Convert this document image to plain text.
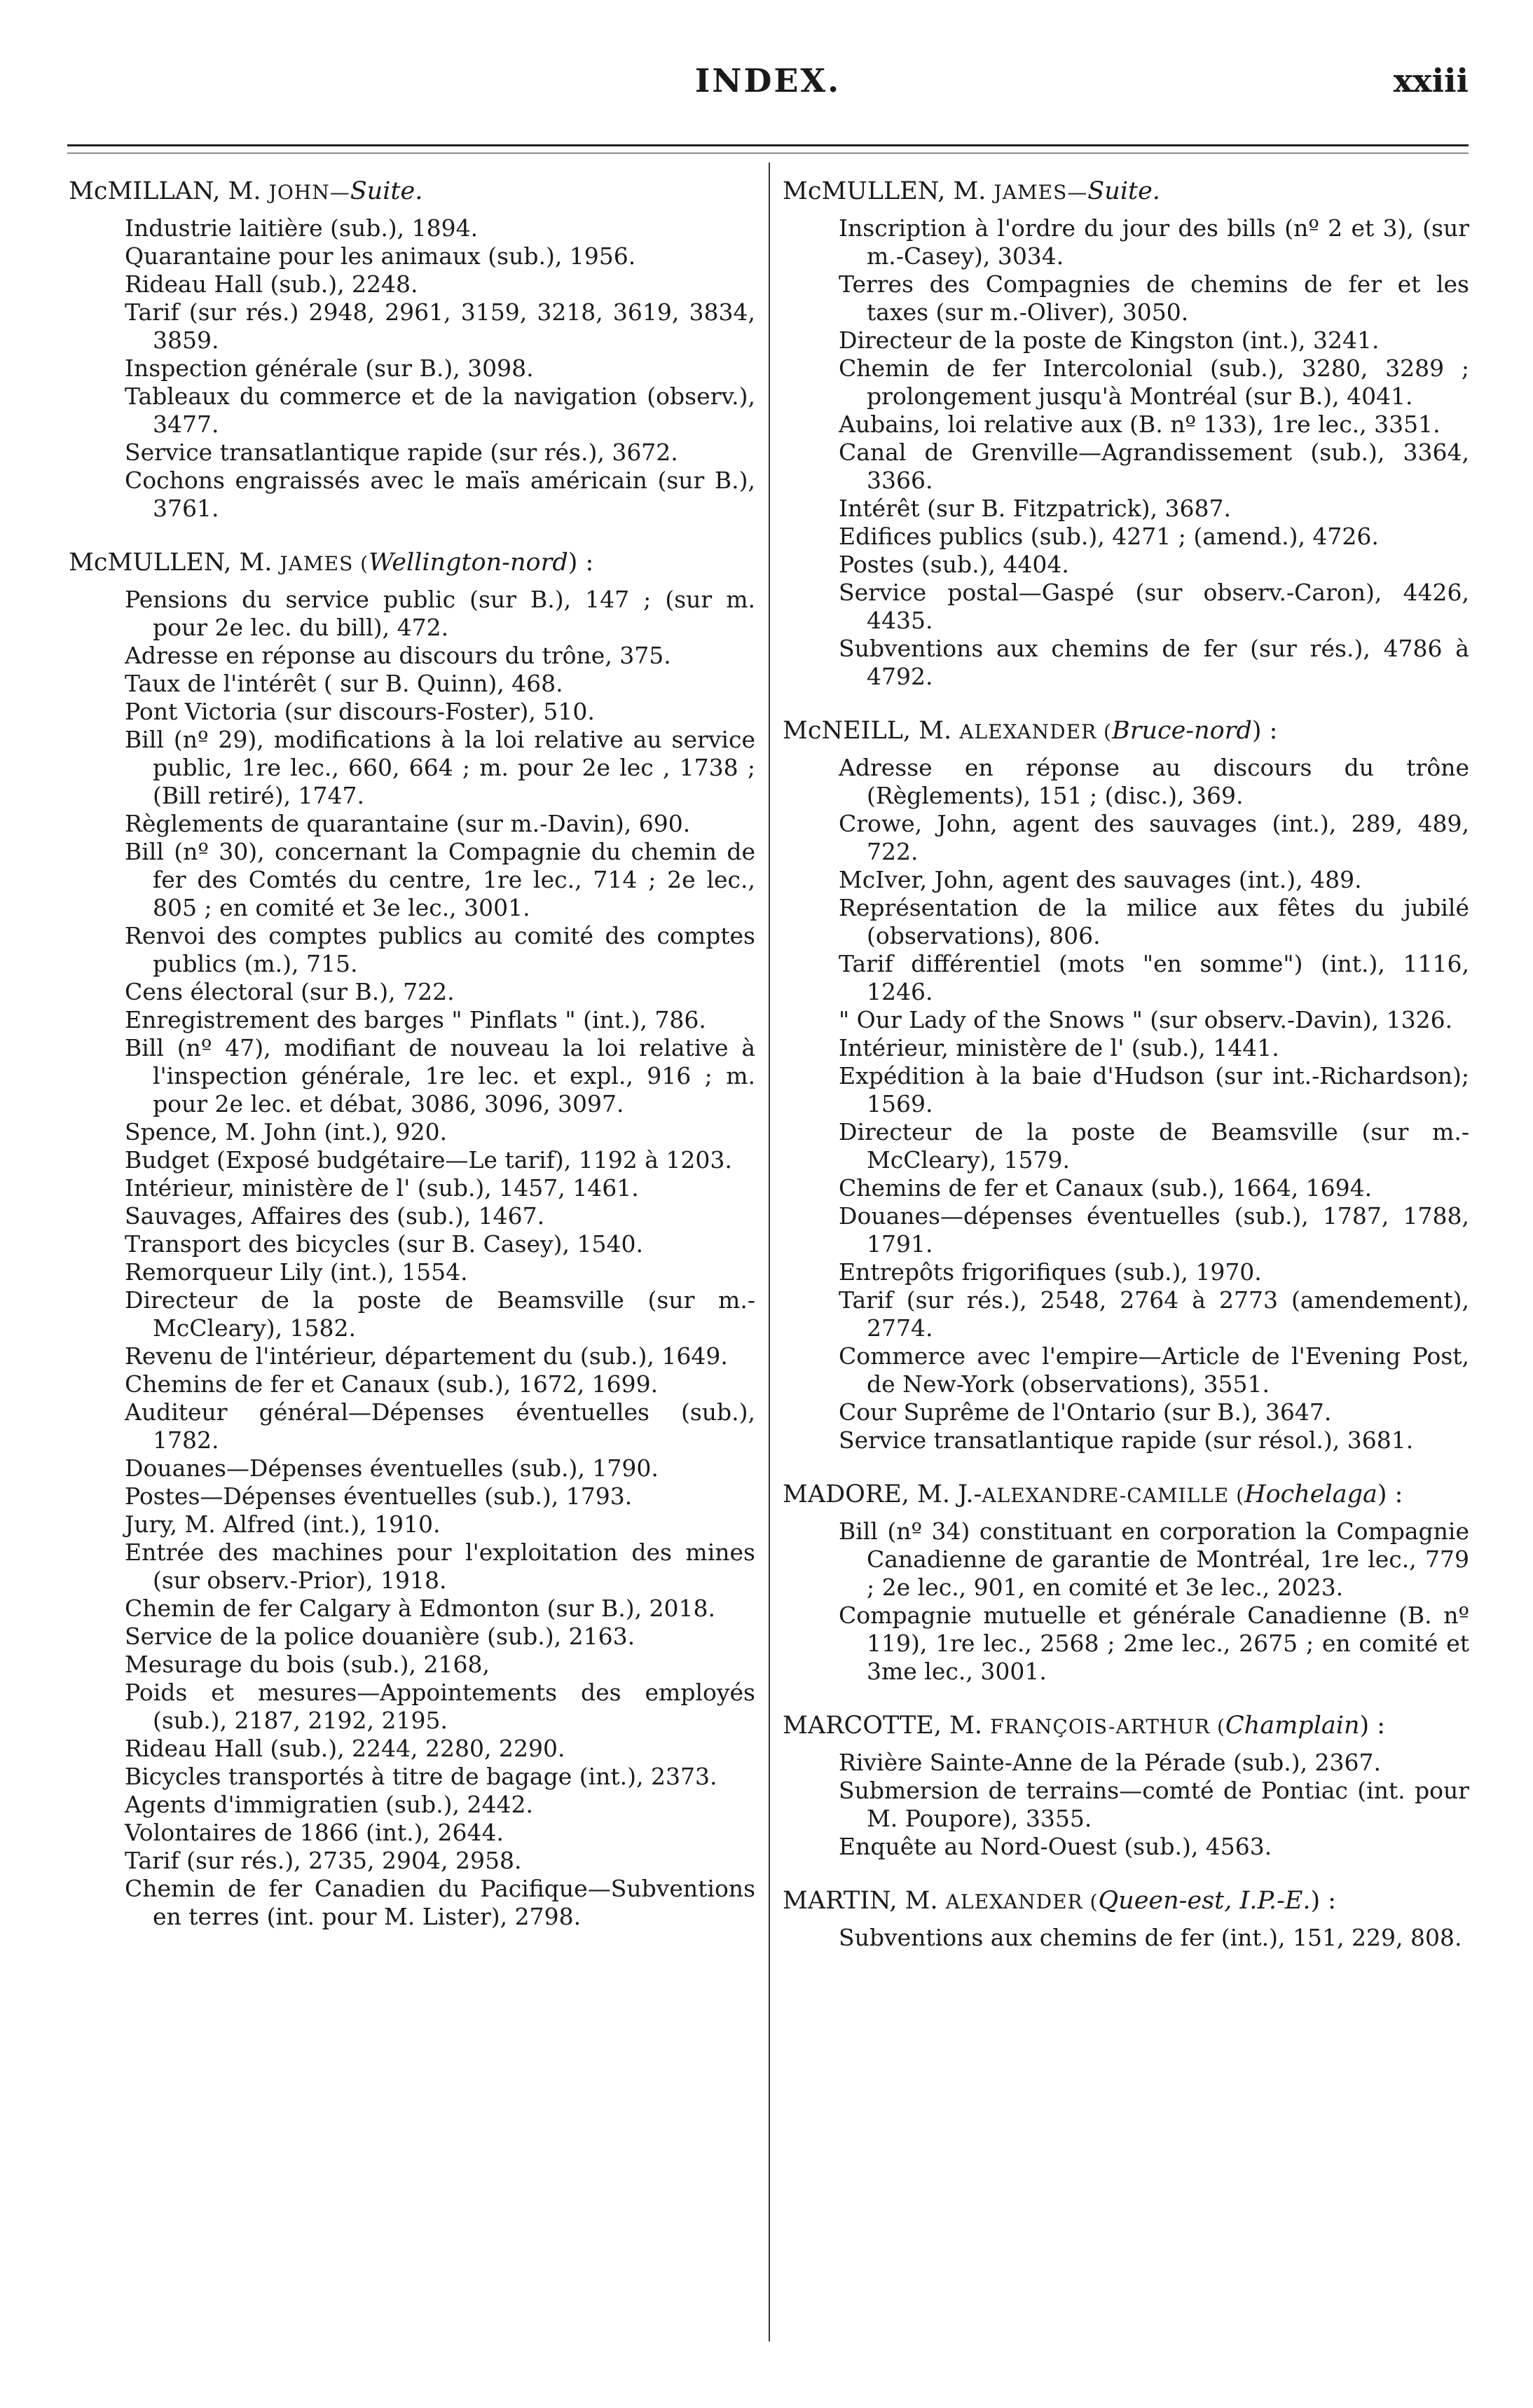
INDEX.	xxiii
McMILLAN, M. JOHN—Suite.

Industrie laitière (sub.), 1894.

Quarantaine pour les animaux (sub.), 1956.

Rideau Hall (sub.), 2248.

Tarif (sur rés.) 2948, 2961, 3159, 3218, 3619, 3834, 3859.

Inspection générale (sur B.), 3098.

Tableaux du commerce et de la navigation (observ.), 3477.

Service transatlantique rapide (sur rés.), 3672.

Cochons engraissés avec le maïs américain (sur B.), 3761.

McMULLEN, M. JAMES (Wellington-nord) :

Pensions du service public (sur B.), 147 ; (sur m. pour 2e lec. du bill), 472.

Adresse en réponse au discours du trône, 375.

Taux de l'intérêt ( sur B. Quinn), 468.

Pont Victoria (sur discours-Foster), 510.

Bill (nº 29), modifications à la loi relative au service public, 1re lec., 660, 664 ; m. pour 2e lec , 1738 ; (Bill retiré), 1747.

Règlements de quarantaine (sur m.-Davin), 690.

Bill (nº 30), concernant la Compagnie du chemin de fer des Comtés du centre, 1re lec., 714 ; 2e lec., 805 ; en comité et 3e lec., 3001.

Renvoi des comptes publics au comité des comptes publics (m.), 715.

Cens électoral (sur B.), 722.

Enregistrement des barges " Pinflats " (int.), 786.

Bill (nº 47), modifiant de nouveau la loi relative à l'inspection générale, 1re lec. et expl., 916 ; m. pour 2e lec. et débat, 3086, 3096, 3097.

Spence, M. John (int.), 920.

Budget (Exposé budgétaire—Le tarif), 1192 à 1203.

Intérieur, ministère de l' (sub.), 1457, 1461.

Sauvages, Affaires des (sub.), 1467.

Transport des bicycles (sur B. Casey), 1540.

Remorqueur Lily (int.), 1554.

Directeur de la poste de Beamsville (sur m.-McCleary), 1582.

Revenu de l'intérieur, département du (sub.), 1649.

Chemins de fer et Canaux (sub.), 1672, 1699.

Auditeur général—Dépenses éventuelles (sub.), 1782.

Douanes—Dépenses éventuelles (sub.), 1790.

Postes—Dépenses éventuelles (sub.), 1793.

Jury, M. Alfred (int.), 1910.

Entrée des machines pour l'exploitation des mines (sur observ.-Prior), 1918.

Chemin de fer Calgary à Edmonton (sur B.), 2018.

Service de la police douanière (sub.), 2163.

Mesurage du bois (sub.), 2168,

Poids et mesures—Appointements des employés (sub.), 2187, 2192, 2195.

Rideau Hall (sub.), 2244, 2280, 2290.

Bicycles transportés à titre de bagage (int.), 2373.

Agents d'immigratien (sub.), 2442.

Volontaires de 1866 (int.), 2644.

Tarif (sur rés.), 2735, 2904, 2958.

Chemin de fer Canadien du Pacifique—Subventions en terres (int. pour M. Lister), 2798.

McMULLEN, M. JAMES—Suite.

Inscription à l'ordre du jour des bills (nº 2 et 3), (sur m.-Casey), 3034.

Terres des Compagnies de chemins de fer et les taxes (sur m.-Oliver), 3050.

Directeur de la poste de Kingston (int.), 3241.

Chemin de fer Intercolonial (sub.), 3280, 3289 ; prolongement jusqu'à Montréal (sur B.), 4041.

Aubains, loi relative aux (B. nº 133), 1re lec., 3351.

Canal de Grenville—Agrandissement (sub.), 3364, 3366.

Intérêt (sur B. Fitzpatrick), 3687.

Edifices publics (sub.), 4271 ; (amend.), 4726.

Postes (sub.), 4404.

Service postal—Gaspé (sur observ.-Caron), 4426, 4435.

Subventions aux chemins de fer (sur rés.), 4786 à 4792.

McNEILL, M. ALEXANDER (Bruce-nord) :

Adresse en réponse au discours du trône (Règlements), 151 ; (disc.), 369.

Crowe, John, agent des sauvages (int.), 289, 489, 722.

McIver, John, agent des sauvages (int.), 489.

Représentation de la milice aux fêtes du jubilé (observations), 806.

Tarif différentiel (mots "en somme") (int.), 1116, 1246.

" Our Lady of the Snows " (sur observ.-Davin), 1326.

Intérieur, ministère de l' (sub.), 1441.

Expédition à la baie d'Hudson (sur int.-Richardson); 1569.

Directeur de la poste de Beamsville (sur m.-McCleary), 1579.

Chemins de fer et Canaux (sub.), 1664, 1694.

Douanes—dépenses éventuelles (sub.), 1787, 1788, 1791.

Entrepôts frigorifiques (sub.), 1970.

Tarif (sur rés.), 2548, 2764 à 2773 (amendement), 2774.

Commerce avec l'empire—Article de l'Evening Post, de New-York (observations), 3551.

Cour Suprême de l'Ontario (sur B.), 3647.

Service transatlantique rapide (sur résol.), 3681.

MADORE, M. J.-ALEXANDRE-CAMILLE (Hochelaga) :

Bill (nº 34) constituant en corporation la Compagnie Canadienne de garantie de Montréal, 1re lec., 779 ; 2e lec., 901, en comité et 3e lec., 2023.

Compagnie mutuelle et générale Canadienne (B. nº 119), 1re lec., 2568 ; 2me lec., 2675 ; en comité et 3me lec., 3001.

MARCOTTE, M. FRANÇOIS-ARTHUR (Champlain) :

Rivière Sainte-Anne de la Pérade (sub.), 2367.

Submersion de terrains—comté de Pontiac (int. pour M. Poupore), 3355.

Enquête au Nord-Ouest (sub.), 4563.

MARTIN, M. ALEXANDER (Queen-est, I.P.-E.) :

Subventions aux chemins de fer (int.), 151, 229, 808.
